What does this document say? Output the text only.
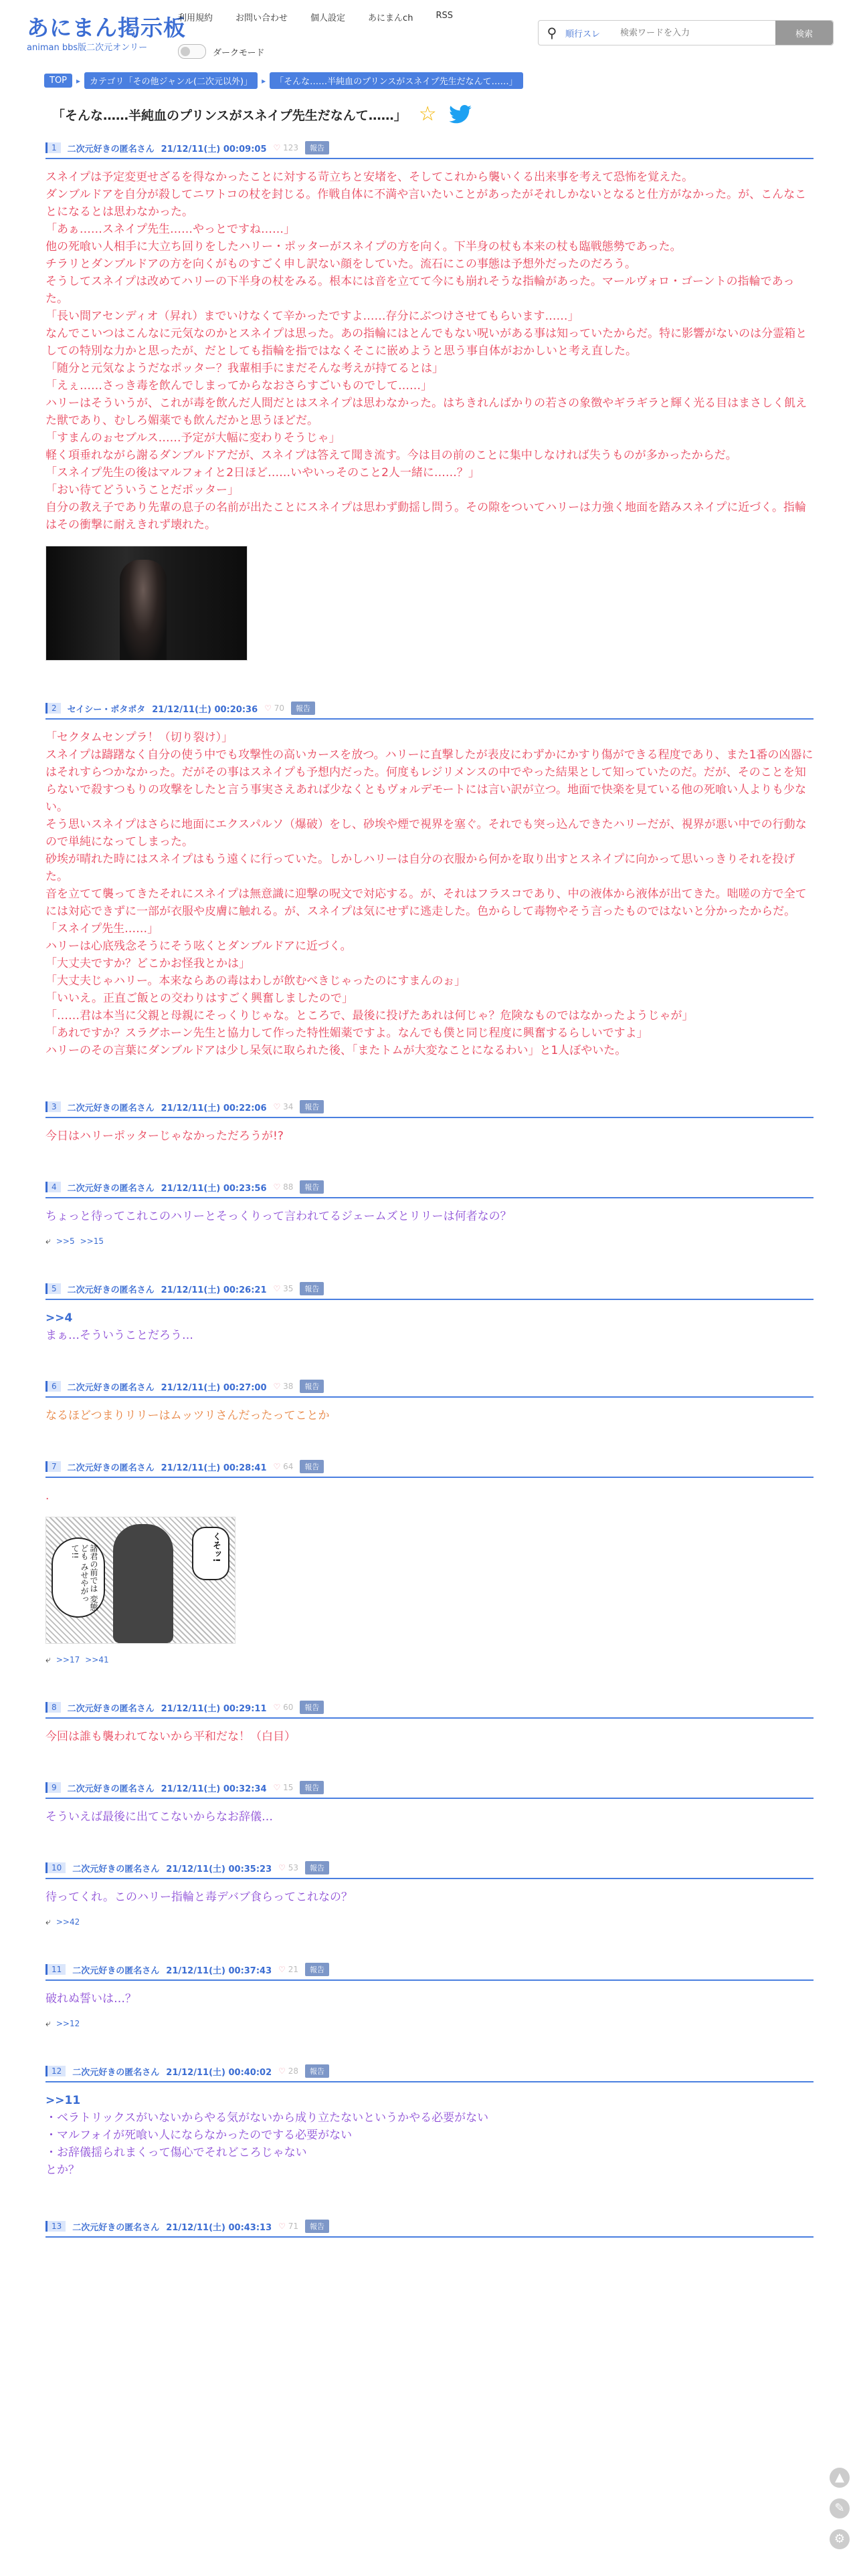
あにまん掲示板
animan bbs版二次元オンリー
利用規約	お問い合わせ	個人設定	あにまんch	RSS
ダークモード
⚲ 順行スレ
検索ワードを入力	検索
TOP	▸	カテゴリ「その他ジャンル(二次元以外)」	▸	「そんな……半純血のプリンスがスネイプ先生だなんて……」
「そんな……半純血のプリンスがスネイプ先生だなんて……」 ☆
1	二次元好きの匿名さん 21/12/11(土) 00:09:05 ♡ 123	報告

スネイプは予定変更せざるを得なかったことに対する苛立ちと安堵を、そしてこれから襲いくる出来事を考えて恐怖を覚えた。

ダンブルドアを自分が殺してニワトコの杖を封じる。作戦自体に不満や言いたいことがあったがそれしかないとなると仕方がなかった。が、こんなことになるとは思わなかった。

「あぁ……スネイプ先生……やっとですね……」

他の死喰い人相手に大立ち回りをしたハリー・ポッターがスネイプの方を向く。下半身の杖も本来の杖も臨戦態勢であった。

チラリとダンブルドアの方を向くがものすごく申し訳ない顔をしていた。流石にこの事態は予想外だったのだろう。

そうしてスネイプは改めてハリーの下半身の杖をみる。根本には音を立てて今にも崩れそうな指輪があった。マールヴォロ・ゴーントの指輪であった。

「長い間アセンディオ（昇れ）までいけなくて辛かったですよ……存分にぶつけさせてもらいます……」

なんでこいつはこんなに元気なのかとスネイプは思った。あの指輪にはとんでもない呪いがある事は知っていたからだ。特に影響がないのは分霊箱としての特別な力かと思ったが、だとしても指輪を指ではなくそこに嵌めようと思う事自体がおかしいと考え直した。

「随分と元気なようだなポッター？我輩相手にまだそんな考えが持てるとは」

「えぇ……さっき毒を飲んでしまってからなおさらすごいものでして……」

ハリーはそういうが、これが毒を飲んだ人間だとはスネイプは思わなかった。はちきれんばかりの若さの象徴やギラギラと輝く光る目はまさしく飢えた獣であり、むしろ媚薬でも飲んだかと思うほどだ。

「すまんのぉセブルス……予定が大幅に変わりそうじゃ」

軽く項垂れながら謝るダンブルドアだが、スネイプは答えて聞き流す。今は目の前のことに集中しなければ失うものが多かったからだ。

「スネイプ先生の後はマルフォイと2日ほど……いやいっそのこと2人一緒に……？」

「おい待てどういうことだポッター」

自分の教え子であり先輩の息子の名前が出たことにスネイプは思わず動揺し問う。その隙をついてハリーは力強く地面を踏みスネイプに近づく。指輪はその衝撃に耐えきれず壊れた。

2	セイシー・ポタポタ 21/12/11(土) 00:20:36 ♡ 70	報告

「セクタムセンプラ！（切り裂け）」

スネイプは躊躇なく自分の使う中でも攻撃性の高いカースを放つ。ハリーに直撃したが表皮にわずかにかすり傷ができる程度であり、また1番の凶器にはそれすらつかなかった。だがその事はスネイプも予想内だった。何度もレジリメンスの中でやった結果として知っていたのだ。だが、そのことを知らないで殺すつもりの攻撃をしたと言う事実さえあれば少なくともヴォルデモートには言い訳が立つ。地面で快楽を見ている他の死喰い人よりも少ない。

そう思いスネイプはさらに地面にエクスパルソ（爆破）をし、砂埃や煙で視界を塞ぐ。それでも突っ込んできたハリーだが、視界が悪い中での行動なので単純になってしまった。

砂埃が晴れた時にはスネイプはもう遠くに行っていた。しかしハリーは自分の衣服から何かを取り出すとスネイプに向かって思いっきりそれを投げた。

音を立てて襲ってきたそれにスネイプは無意識に迎撃の呪文で対応する。が、それはフラスコであり、中の液体から液体が出てきた。咄嗟の方で全てには対応できずに一部が衣服や皮膚に触れる。が、スネイプは気にせずに逃走した。色からして毒物やそう言ったものではないと分かったからだ。

「スネイプ先生……」

ハリーは心底残念そうにそう呟くとダンブルドアに近づく。

「大丈夫ですか？どこかお怪我とかは」

「大丈夫じゃハリー。本来ならあの毒はわしが飲むべきじゃったのにすまんのぉ」

「いいえ。正直ご飯との交わりはすごく興奮しましたので」

「……君は本当に父親と母親にそっくりじゃな。ところで、最後に投げたあれは何じゃ？危険なものではなかったようじゃが」

「あれですか？スラグホーン先生と協力して作った特性媚薬ですよ。なんでも僕と同じ程度に興奮するらしいですよ」

ハリーのその言葉にダンブルドアは少し呆気に取られた後、「またトムが大変なことになるわい」と1人ぼやいた。

3	二次元好きの匿名さん 21/12/11(土) 00:22:06 ♡ 34	報告

今日はハリーポッターじゃなかっただろうが!?

4	二次元好きの匿名さん 21/12/11(土) 00:23:56 ♡ 88	報告

ちょっと待ってこれこのハリーとそっくりって言われてるジェームズとリリーは何者なの？

⤶ >>5 >>15
5	二次元好きの匿名さん 21/12/11(土) 00:26:21 ♡ 35	報告

>>4

まぁ…そういうことだろう…

6	二次元好きの匿名さん 21/12/11(土) 00:27:00 ♡ 38	報告

なるほどつまりリリーはムッツリさんだったってことか

7	二次元好きの匿名さん 21/12/11(土) 00:28:41 ♡ 64	報告

.

諸君の前では 変態ども みせやがって!!	くそッ!
⤶ >>17 >>41
8	二次元好きの匿名さん 21/12/11(土) 00:29:11 ♡ 60	報告

今回は誰も襲われてないから平和だな！（白目）

9	二次元好きの匿名さん 21/12/11(土) 00:32:34 ♡ 15	報告

そういえば最後に出てこないからなお辞儀…

10	二次元好きの匿名さん 21/12/11(土) 00:35:23 ♡ 53	報告

待ってくれ。このハリー指輪と毒デバブ食らってこれなの？

⤶ >>42
11	二次元好きの匿名さん 21/12/11(土) 00:37:43 ♡ 21	報告

破れぬ誓いは…？

⤶ >>12
12	二次元好きの匿名さん 21/12/11(土) 00:40:02 ♡ 28	報告

>>11

・ベラトリックスがいないからやる気がないから成り立たないというかやる必要がない

・マルフォイが死喰い人にならなかったのでする必要がない

・お辞儀揺られまくって傷心でそれどころじゃない

とか？

13	二次元好きの匿名さん 21/12/11(土) 00:43:13 ♡ 71	報告
▲
✎
⚙
